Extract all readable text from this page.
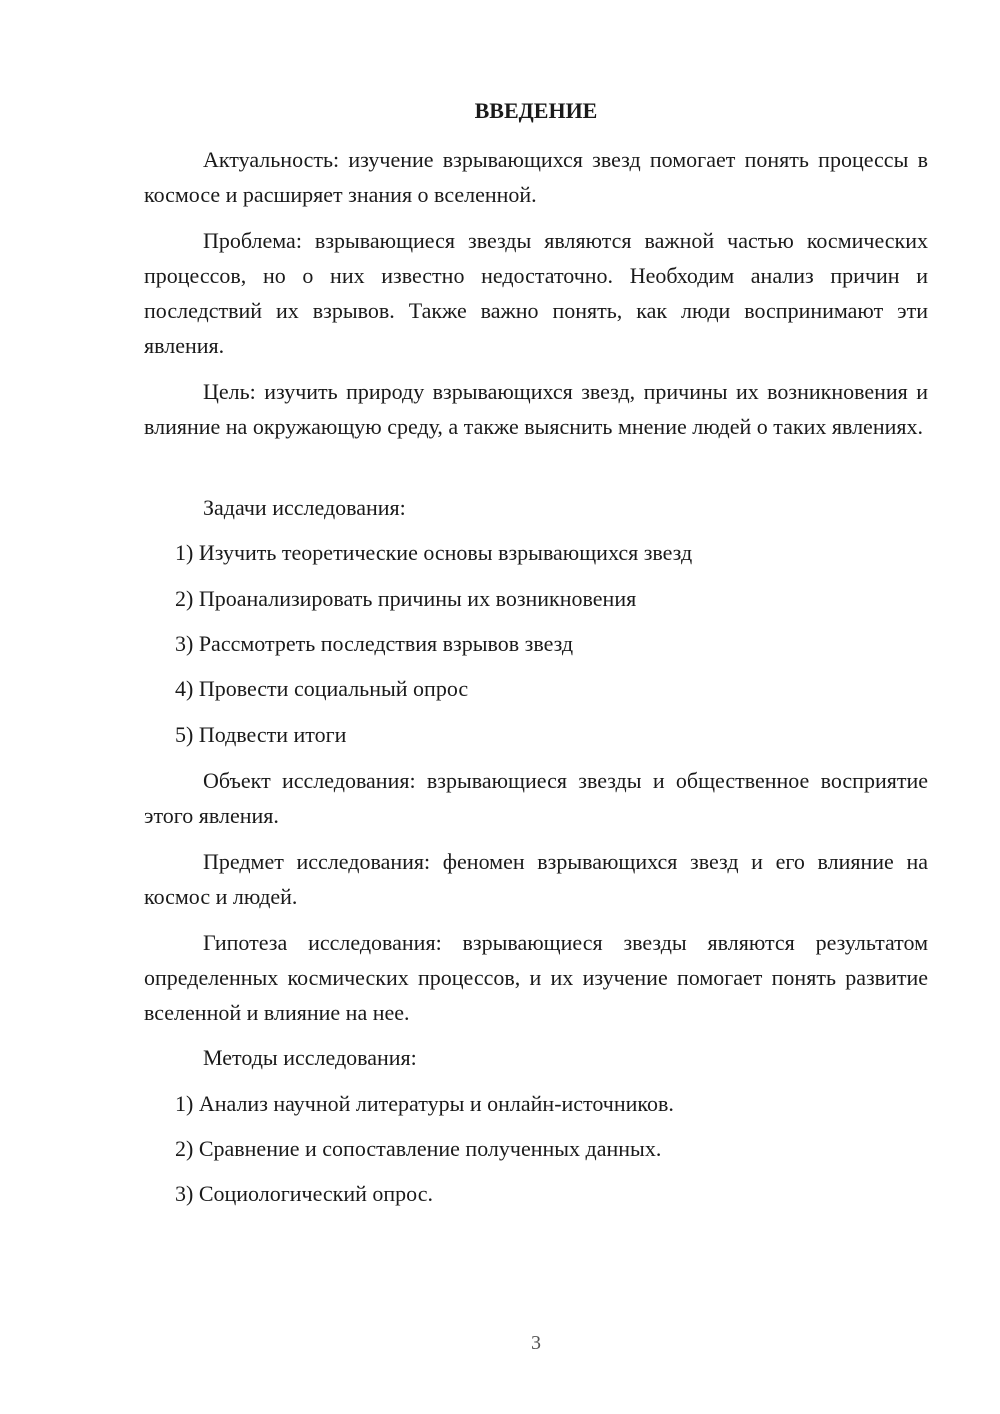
ВВЕДЕНИЕ

Актуальность: изучение взрывающихся звезд помогает понять процессы в космосе и расширяет знания о вселенной.

Проблема: взрывающиеся звезды являются важной частью космических процессов, но о них известно недостаточно. Необходим анализ причин и последствий их взрывов. Также важно понять, как люди воспринимают эти явления.

Цель: изучить природу взрывающихся звезд, причины их возникновения и влияние на окружающую среду, а также выяснить мнение людей о таких явлениях.

Задачи исследования:
1) Изучить теоретические основы взрывающихся звезд
2) Проанализировать причины их возникновения
3) Рассмотреть последствия взрывов звезд
4) Провести социальный опрос
5) Подвести итоги

Объект исследования: взрывающиеся звезды и общественное восприятие этого явления.

Предмет исследования: феномен взрывающихся звезд и его влияние на космос и людей.

Гипотеза исследования: взрывающиеся звезды являются результатом определенных космических процессов, и их изучение помогает понять развитие вселенной и влияние на нее.

Методы исследования:
1) Анализ научной литературы и онлайн-источников.
2) Сравнение и сопоставление полученных данных.
3) Социологический опрос.
3
